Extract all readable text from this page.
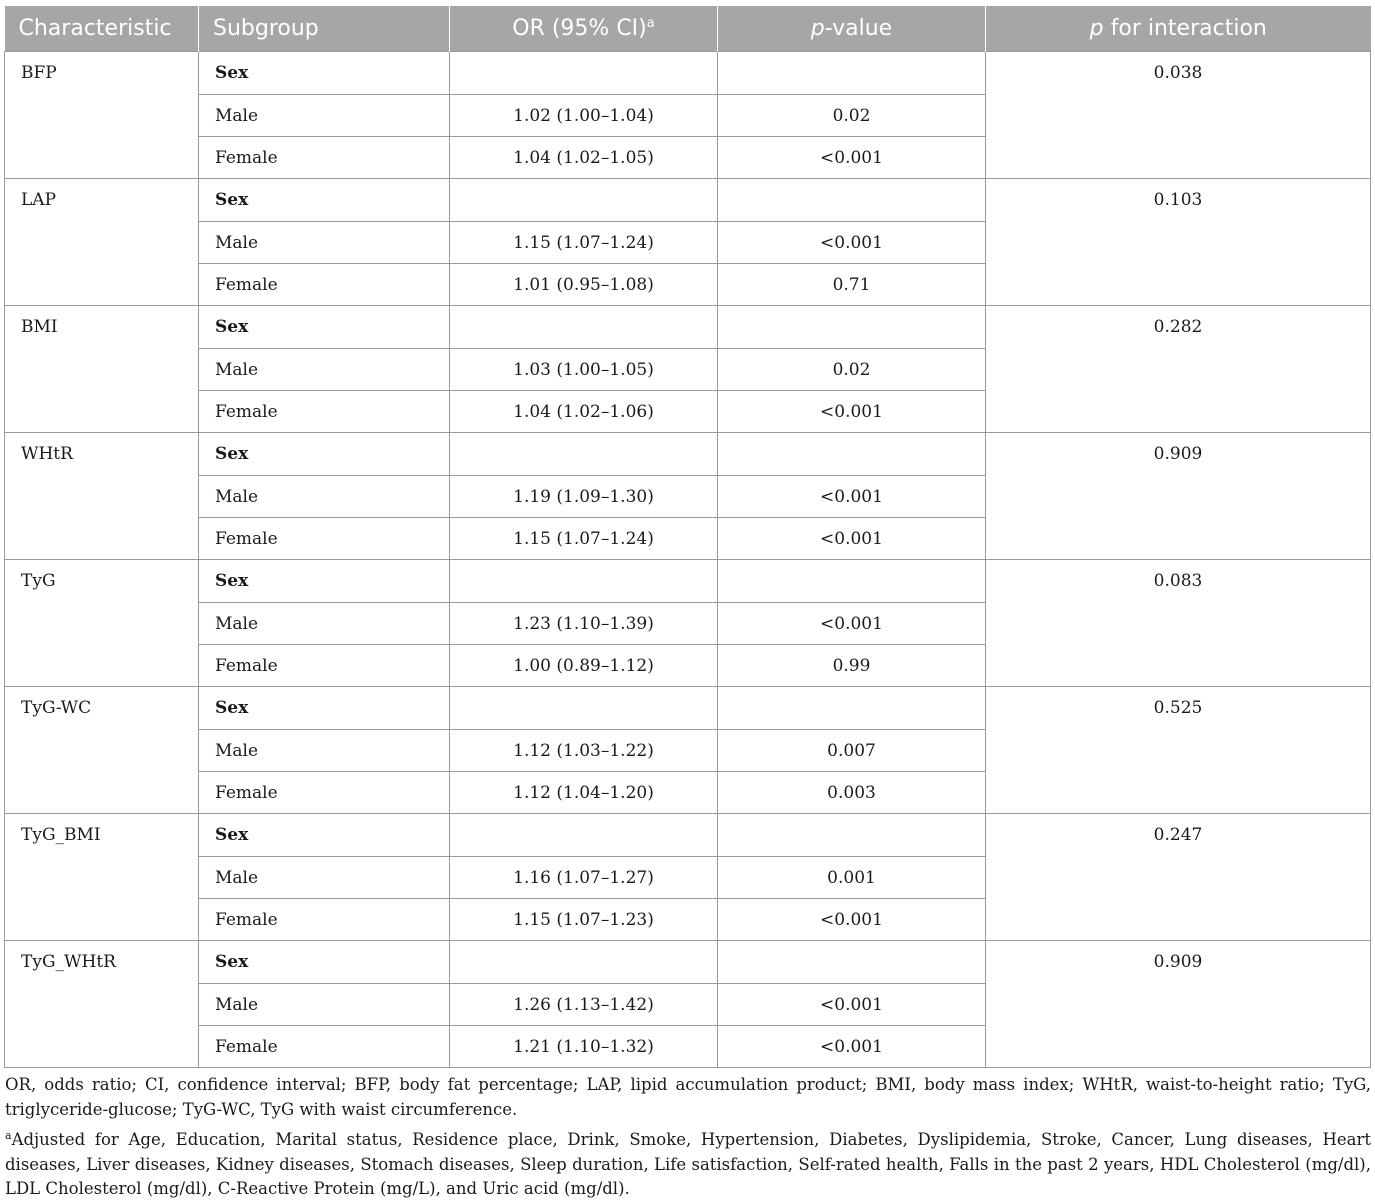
Characteristic	Subgroup	OR (95% CI)$^a$	p-value	p for interaction
BFP	Sex			0.038
	Male	1.02 (1.00–1.04)	0.02	
	Female	1.04 (1.02–1.05)	<0.001	
LAP	Sex			0.103
	Male	1.15 (1.07–1.24)	<0.001	
	Female	1.01 (0.95–1.08)	0.71	
BMI	Sex			0.282
	Male	1.03 (1.00–1.05)	0.02	
	Female	1.04 (1.02–1.06)	<0.001	
WHtR	Sex			0.909
	Male	1.19 (1.09–1.30)	<0.001	
	Female	1.15 (1.07–1.24)	<0.001	
TyG	Sex			0.083
	Male	1.23 (1.10–1.39)	<0.001	
	Female	1.00 (0.89–1.12)	0.99	
TyG-WC	Sex			0.525
	Male	1.12 (1.03–1.22)	0.007	
	Female	1.12 (1.04–1.20)	0.003	
TyG_BMI	Sex			0.247
	Male	1.16 (1.07–1.27)	0.001	
	Female	1.15 (1.07–1.23)	<0.001	
TyG_WHtR	Sex			0.909
	Male	1.26 (1.13–1.42)	<0.001	
	Female	1.21 (1.10–1.32)	<0.001	

OR, odds ratio; CI, confidence interval; BFP, body fat percentage; LAP, lipid accumulation product; BMI, body mass index; WHtR, waist-to-height ratio; TyG, triglyceride-glucose; TyG-WC, TyG with waist circumference.

$^a$Adjusted for Age, Education, Marital status, Residence place, Drink, Smoke, Hypertension, Diabetes, Dyslipidemia, Stroke, Cancer, Lung diseases, Heart diseases, Liver diseases, Kidney diseases, Stomach diseases, Sleep duration, Life satisfaction, Self-rated health, Falls in the past 2 years, HDL Cholesterol (mg/dl), LDL Cholesterol (mg/dl), C-Reactive Protein (mg/L), and Uric acid (mg/dl).
